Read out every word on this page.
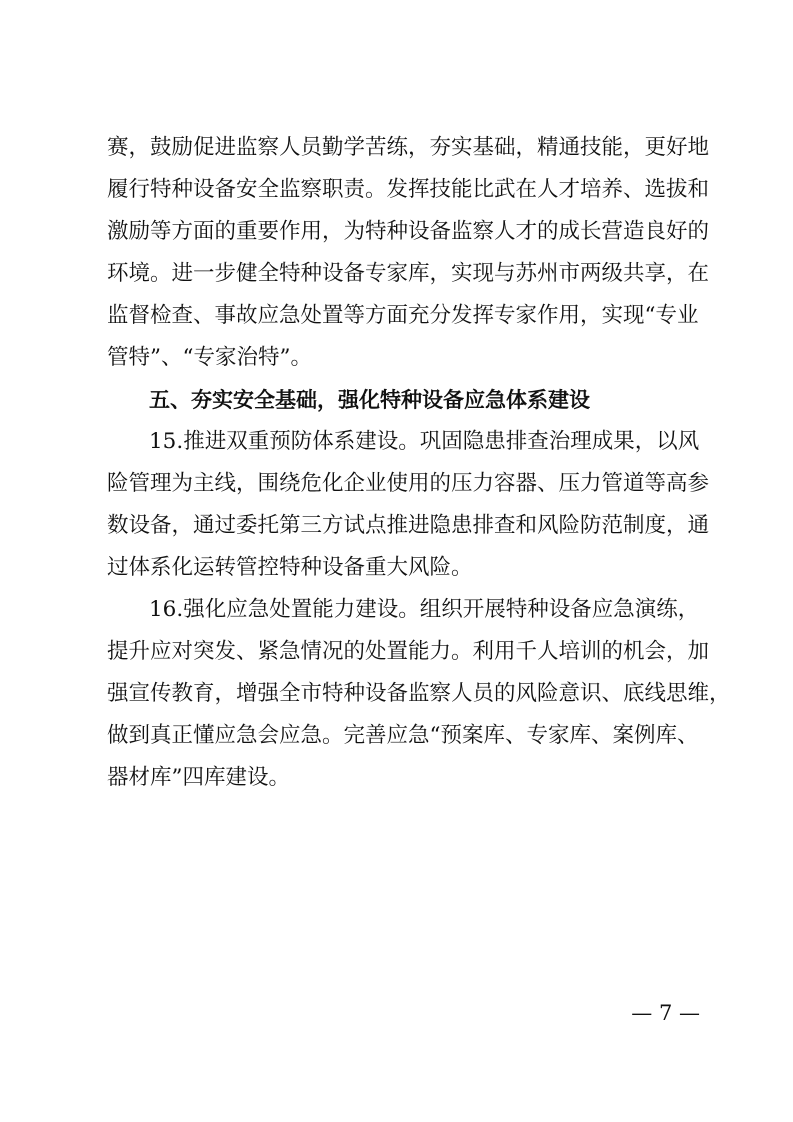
赛，鼓励促进监察人员勤学苦练，夯实基础，精通技能，更好地
履行特种设备安全监察职责。发挥技能比武在人才培养、选拔和
激励等方面的重要作用，为特种设备监察人才的成长营造良好的
环境。进一步健全特种设备专家库，实现与苏州市两级共享，在
监督检查、事故应急处置等方面充分发挥专家作用，实现“专业
管特”、“专家治特”。
五、夯实安全基础，强化特种设备应急体系建设
15.推进双重预防体系建设。巩固隐患排查治理成果，以风
险管理为主线，围绕危化企业使用的压力容器、压力管道等高参
数设备，通过委托第三方试点推进隐患排查和风险防范制度，通
过体系化运转管控特种设备重大风险。
16.强化应急处置能力建设。组织开展特种设备应急演练，
提升应对突发、紧急情况的处置能力。利用千人培训的机会，加
强宣传教育，增强全市特种设备监察人员的风险意识、底线思维，
做到真正懂应急会应急。完善应急“预案库、专家库、案例库、
器材库”四库建设。
— 7 —
